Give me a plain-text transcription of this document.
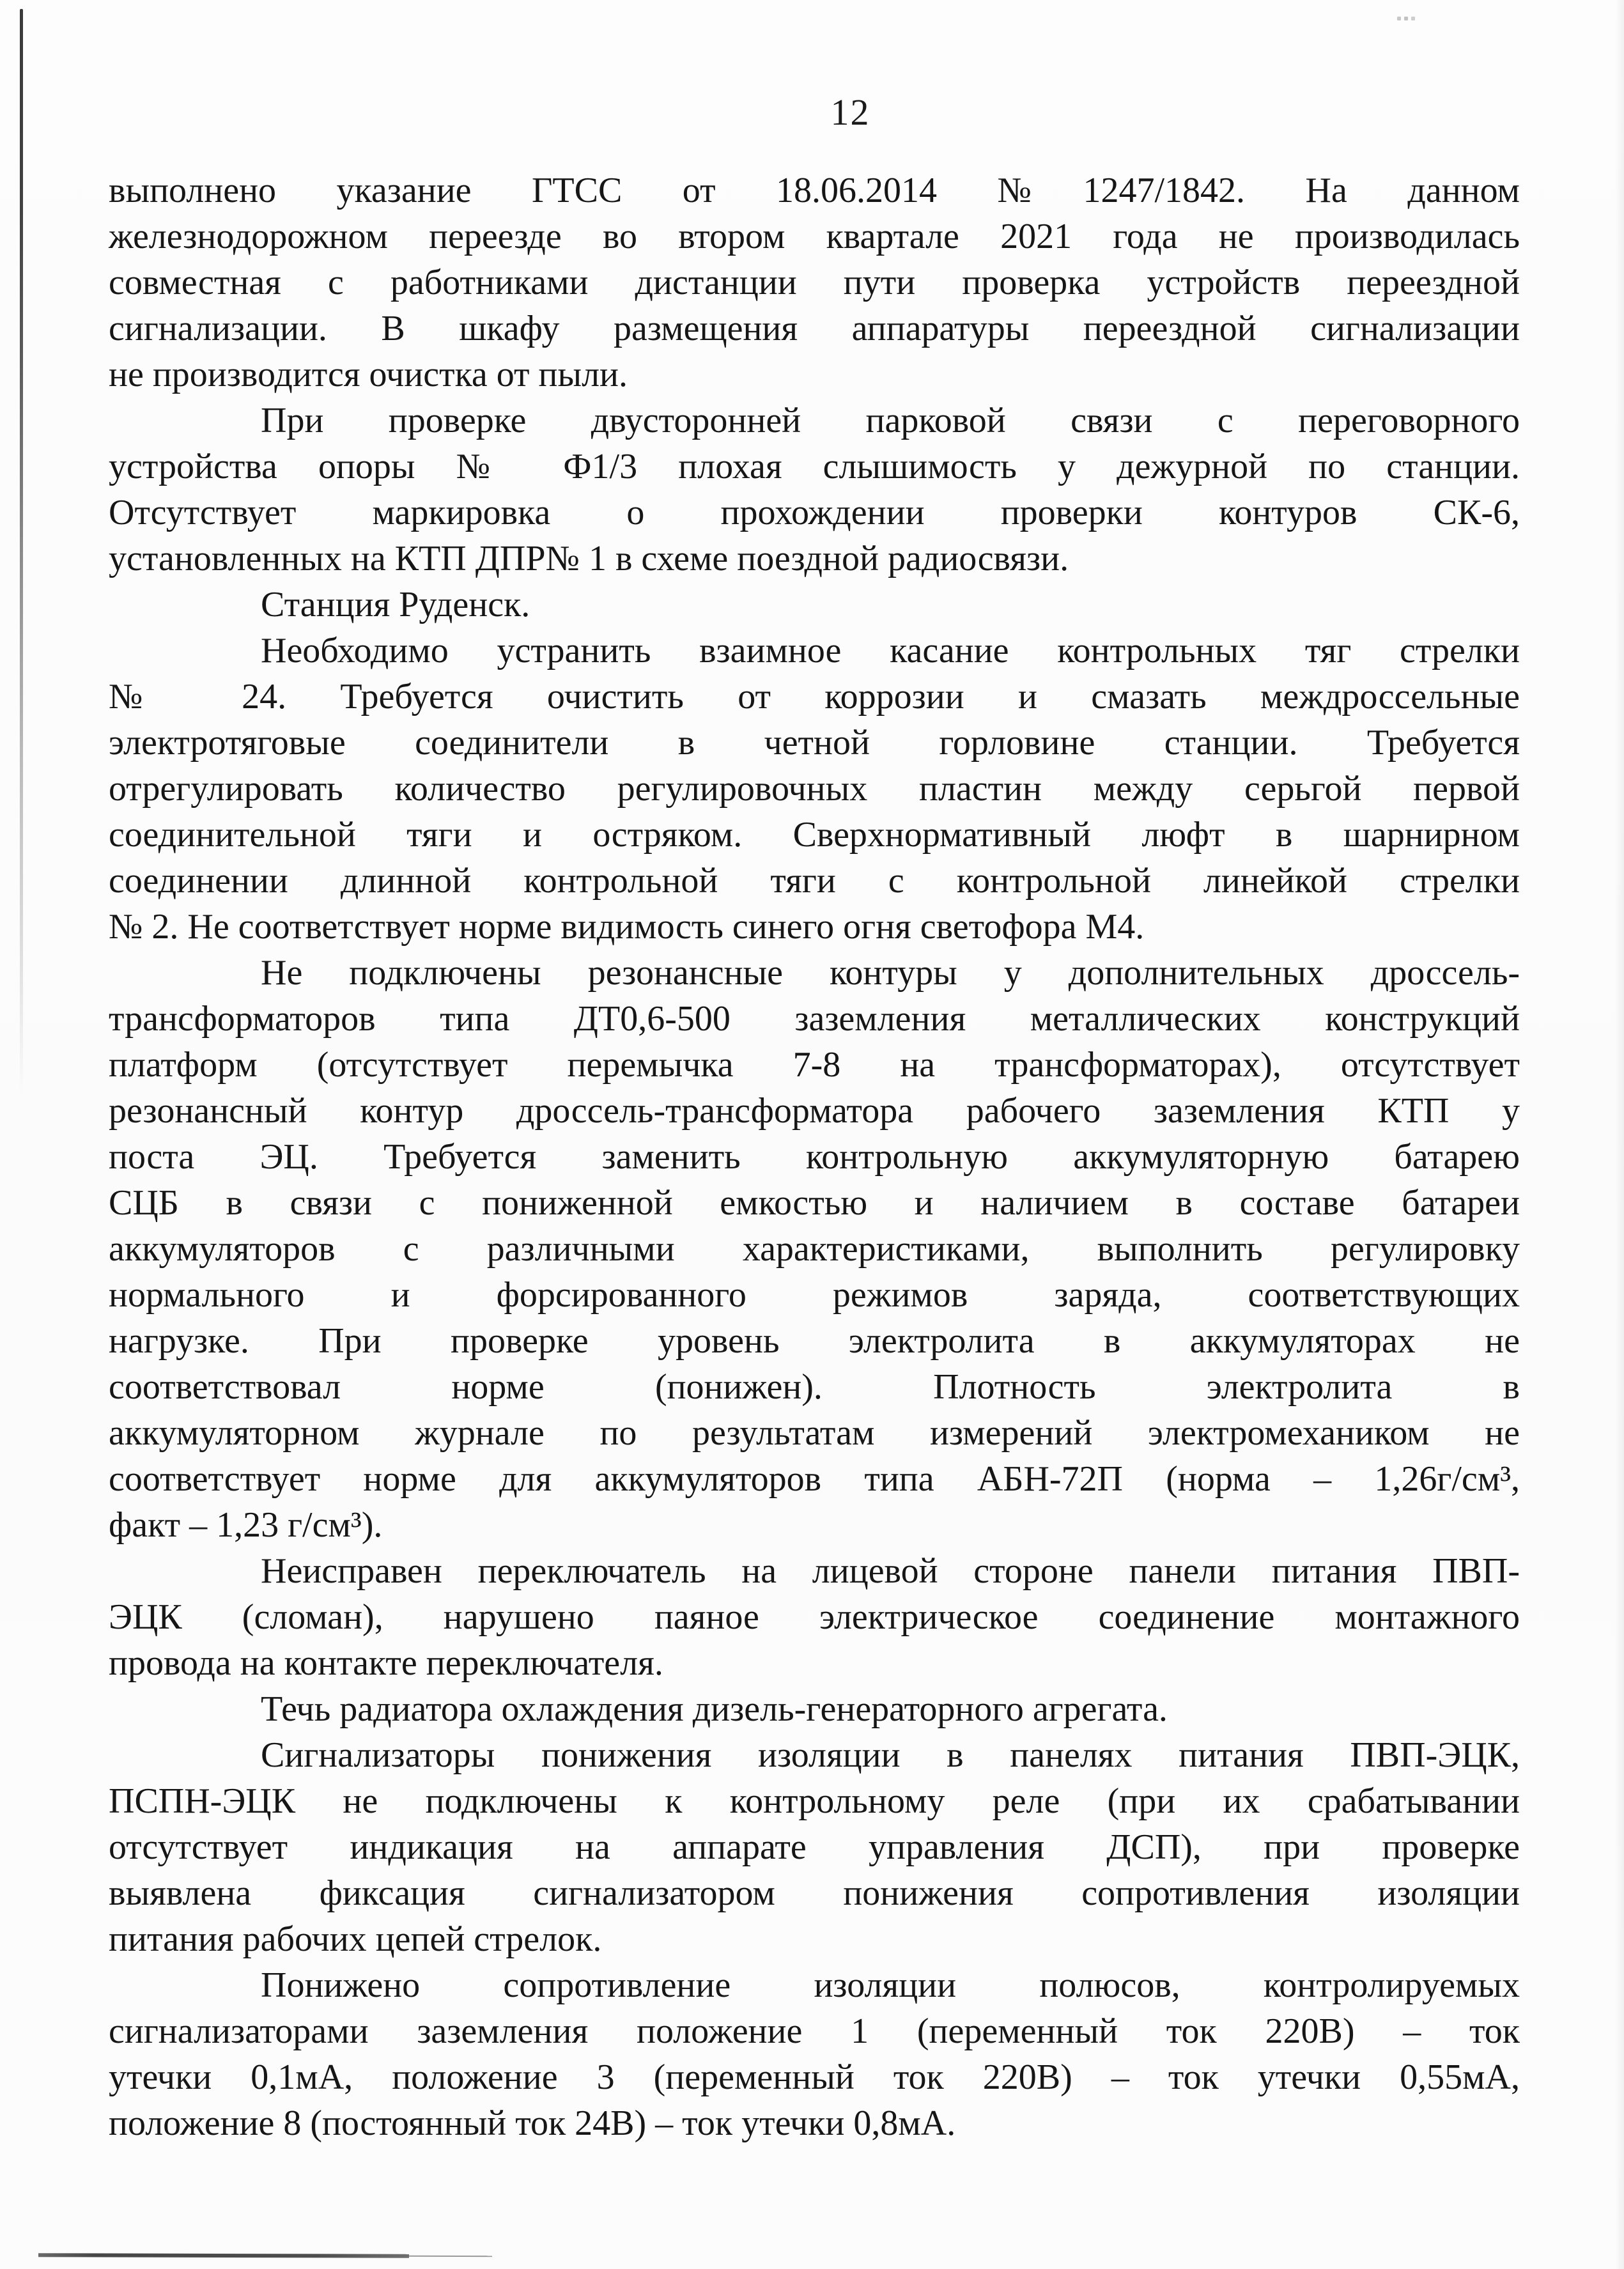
12
выполнено указание ГТСС от 18.06.2014 №1247/1842. На данном
железнодорожном переезде во втором квартале 2021 года не производилась
совместная с работниками дистанции пути проверка устройств переездной
сигнализации. В шкафу размещения аппаратуры переездной сигнализации
не производится очистка от пыли.
При проверке двусторонней парковой связи с переговорного
устройства опоры № Ф1/3 плохая слышимость у дежурной по станции.
Отсутствует маркировка о прохождении проверки контуров СК-6,
установленных на КТП ДПР№ 1 в схеме поездной радиосвязи.
Станция Руденск.
Необходимо устранить взаимное касание контрольных тяг стрелки
№ 24. Требуется очистить от коррозии и смазать междроссельные
электротяговые соединители в четной горловине станции. Требуется
отрегулировать количество регулировочных пластин между серьгой первой
соединительной тяги и остряком. Сверхнормативный люфт в шарнирном
соединении длинной контрольной тяги с контрольной линейкой стрелки
№ 2. Не соответствует норме видимость синего огня светофора М4.
Не подключены резонансные контуры у дополнительных дроссель-
трансформаторов типа ДТ0,6-500 заземления металлических конструкций
платформ (отсутствует перемычка 7-8 на трансформаторах), отсутствует
резонансный контур дроссель-трансформатора рабочего заземления КТП у
поста ЭЦ. Требуется заменить контрольную аккумуляторную батарею
СЦБ в связи с пониженной емкостью и наличием в составе батареи
аккумуляторов с различными характеристиками, выполнить регулировку
нормального и форсированного режимов заряда, соответствующих
нагрузке. При проверке уровень электролита в аккумуляторах не
соответствовал норме (понижен). Плотность электролита в
аккумуляторном журнале по результатам измерений электромехаником не
соответствует норме для аккумуляторов типа АБН-72П (норма – 1,26г/см³,
факт – 1,23 г/см³).
Неисправен переключатель на лицевой стороне панели питания ПВП-
ЭЦК (сломан), нарушено паяное электрическое соединение монтажного
провода на контакте переключателя.
Течь радиатора охлаждения дизель-генераторного агрегата.
Сигнализаторы понижения изоляции в панелях питания ПВП-ЭЦК,
ПСПН-ЭЦК не подключены к контрольному реле (при их срабатывании
отсутствует индикация на аппарате управления ДСП), при проверке
выявлена фиксация сигнализатором понижения сопротивления изоляции
питания рабочих цепей стрелок.
Понижено сопротивление изоляции полюсов, контролируемых
сигнализаторами заземления положение 1 (переменный ток 220В) – ток
утечки 0,1мА, положение 3 (переменный ток 220В) – ток утечки 0,55мА,
положение 8 (постоянный ток 24В) – ток утечки 0,8мА.
